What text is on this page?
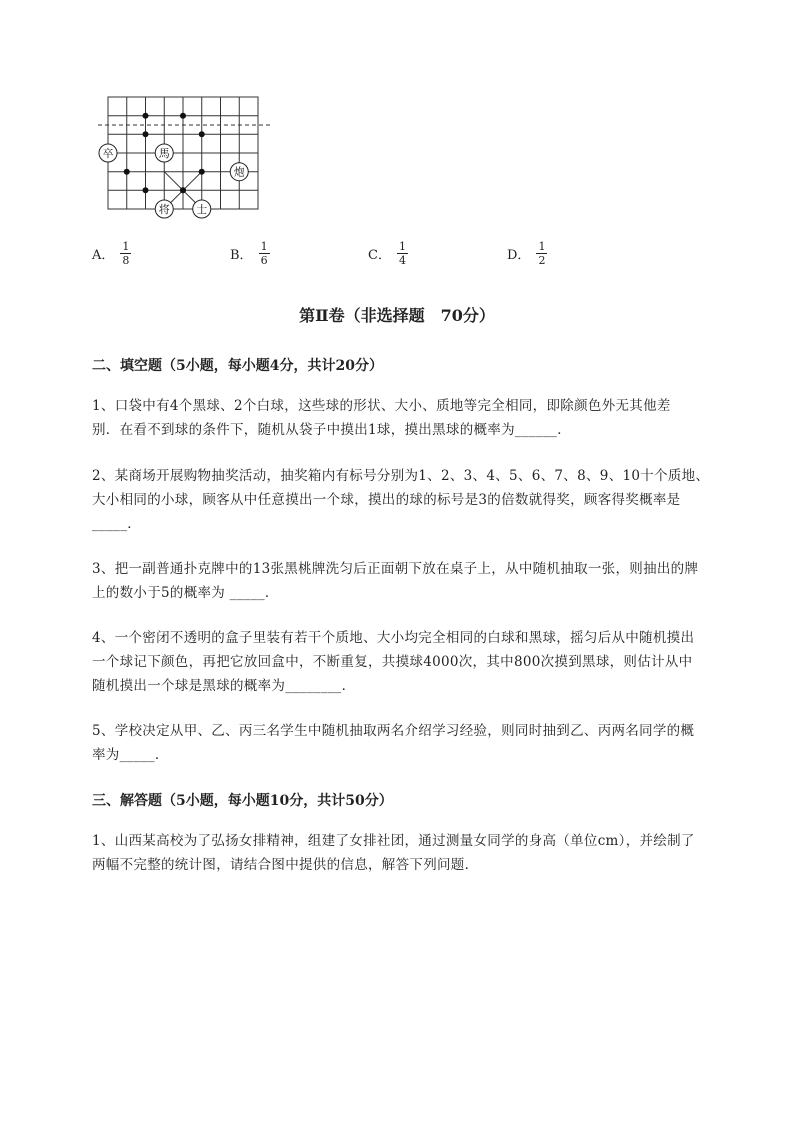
卒	馬
炮
将 士
A． $\frac{1}{8}$	B． $\frac{1}{6}$	C． $\frac{1}{4}$	D． $\frac{1}{2}$
第Ⅱ卷（非选择题　70分）
二、填空题（5小题，每小题4分，共计20分）
1、口袋中有4个黑球、2个白球，这些球的形状、大小、质地等完全相同，即除颜色外无其他差
别．在看不到球的条件下，随机从袋子中摸出1球，摸出黑球的概率为______．
2、某商场开展购物抽奖活动，抽奖箱内有标号分别为1、2、3、4、5、6、7、8、9、10十个质地、
大小相同的小球，顾客从中任意摸出一个球，摸出的球的标号是3的倍数就得奖，顾客得奖概率是
_____．
3、把一副普通扑克牌中的13张黑桃牌洗匀后正面朝下放在桌子上，从中随机抽取一张，则抽出的牌
上的数小于5的概率为 _____．
4、一个密闭不透明的盒子里装有若干个质地、大小均完全相同的白球和黑球，摇匀后从中随机摸出
一个球记下颜色，再把它放回盒中，不断重复，共摸球4000次，其中800次摸到黑球，则估计从中
随机摸出一个球是黑球的概率为________．
5、学校决定从甲、乙、丙三名学生中随机抽取两名介绍学习经验，则同时抽到乙、丙两名同学的概
率为_____．
三、解答题（5小题，每小题10分，共计50分）
1、山西某高校为了弘扬女排精神，组建了女排社团，通过测量女同学的身高（单位cm），并绘制了
两幅不完整的统计图，请结合图中提供的信息，解答下列问题．
